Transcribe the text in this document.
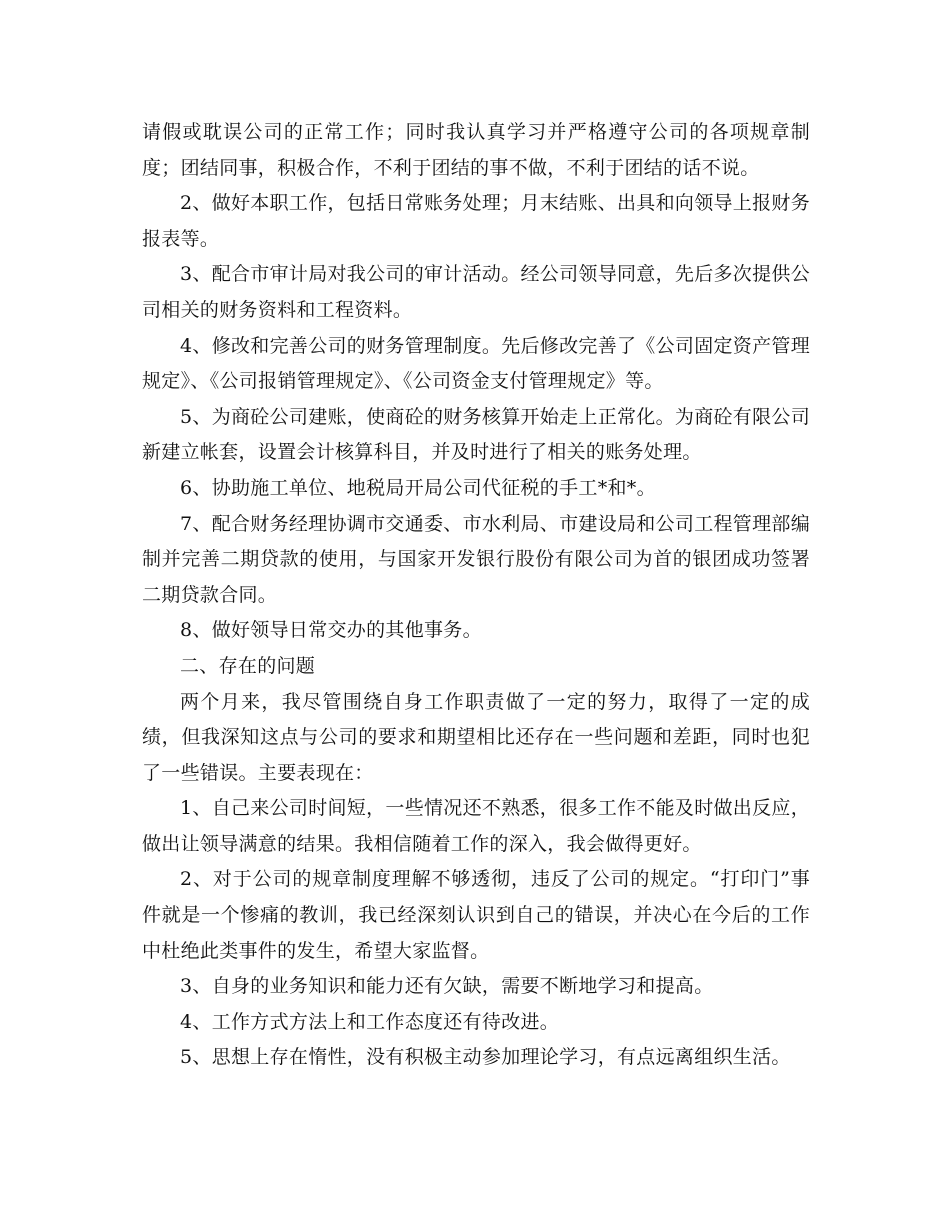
请假或耽误公司的正常工作；同时我认真学习并严格遵守公司的各项规章制度；团结同事，积极合作，不利于团结的事不做，不利于团结的话不说。

2、做好本职工作，包括日常账务处理；月末结账、出具和向领导上报财务报表等。

3、配合市审计局对我公司的审计活动。经公司领导同意，先后多次提供公司相关的财务资料和工程资料。

4、修改和完善公司的财务管理制度。先后修改完善了《公司固定资产管理规定》、《公司报销管理规定》、《公司资金支付管理规定》等。

5、为商砼公司建账，使商砼的财务核算开始走上正常化。为商砼有限公司新建立帐套，设置会计核算科目，并及时进行了相关的账务处理。

6、协助施工单位、地税局开局公司代征税的手工*和*。

7、配合财务经理协调市交通委、市水利局、市建设局和公司工程管理部编制并完善二期贷款的使用，与国家开发银行股份有限公司为首的银团成功签署二期贷款合同。

8、做好领导日常交办的其他事务。

二、存在的问题

两个月来，我尽管围绕自身工作职责做了一定的努力，取得了一定的成绩，但我深知这点与公司的要求和期望相比还存在一些问题和差距，同时也犯了一些错误。主要表现在：

1、自己来公司时间短，一些情况还不熟悉，很多工作不能及时做出反应，做出让领导满意的结果。我相信随着工作的深入，我会做得更好。

2、对于公司的规章制度理解不够透彻，违反了公司的规定。“打印门”事件就是一个惨痛的教训，我已经深刻认识到自己的错误，并决心在今后的工作中杜绝此类事件的发生，希望大家监督。

3、自身的业务知识和能力还有欠缺，需要不断地学习和提高。

4、工作方式方法上和工作态度还有待改进。

5、思想上存在惰性，没有积极主动参加理论学习，有点远离组织生活。
